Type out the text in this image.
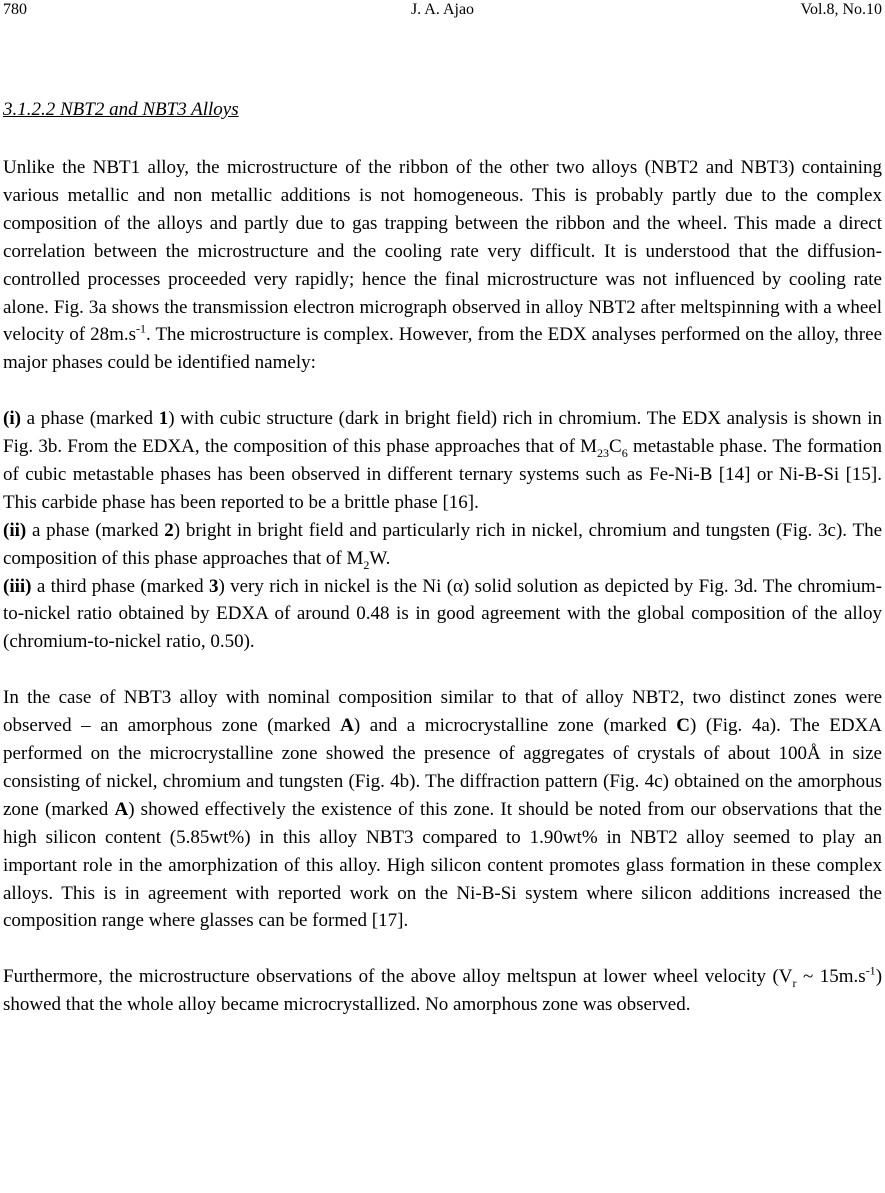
J. A. Ajao
780	Vol.8, No.10
3.1.2.2 NBT2 and NBT3 Alloys

Unlike the NBT1 alloy, the microstructure of the ribbon of the other two alloys (NBT2 and NBT3) containing various metallic and non metallic additions is not homogeneous. This is probably partly due to the complex composition of the alloys and partly due to gas trapping between the ribbon and the wheel. This made a direct correlation between the microstructure and the cooling rate very difficult. It is understood that the diffusion-controlled processes proceeded very rapidly; hence the final microstructure was not influenced by cooling rate alone. Fig. 3a shows the transmission electron micrograph observed in alloy NBT2 after meltspinning with a wheel velocity of $28m.s^{-1}$. The microstructure is complex. However, from the EDX analyses performed on the alloy, three major phases could be identified namely:

(i) a phase (marked 1) with cubic structure (dark in bright field) rich in chromium. The EDX analysis is shown in Fig. 3b. From the EDXA, the composition of this phase approaches that of $M_{23}C_6$ metastable phase. The formation of cubic metastable phases has been observed in different ternary systems such as Fe-Ni-B [14] or Ni-B-Si [15]. This carbide phase has been reported to be a brittle phase [16].

(ii) a phase (marked 2) bright in bright field and particularly rich in nickel, chromium and tungsten (Fig. 3c). The composition of this phase approaches that of $M_2W$.

(iii) a third phase (marked 3) very rich in nickel is the Ni (α) solid solution as depicted by Fig. 3d. The chromium-to-nickel ratio obtained by EDXA of around 0.48 is in good agreement with the global composition of the alloy (chromium-to-nickel ratio, 0.50).

In the case of NBT3 alloy with nominal composition similar to that of alloy NBT2, two distinct zones were observed – an amorphous zone (marked A) and a microcrystalline zone (marked C) (Fig. 4a). The EDXA performed on the microcrystalline zone showed the presence of aggregates of crystals of about 100Å in size consisting of nickel, chromium and tungsten (Fig. 4b). The diffraction pattern (Fig. 4c) obtained on the amorphous zone (marked A) showed effectively the existence of this zone. It should be noted from our observations that the high silicon content (5.85wt%) in this alloy NBT3 compared to 1.90wt% in NBT2 alloy seemed to play an important role in the amorphization of this alloy. High silicon content promotes glass formation in these complex alloys. This is in agreement with reported work on the Ni-B-Si system where silicon additions increased the composition range where glasses can be formed [17].

Furthermore, the microstructure observations of the above alloy meltspun at lower wheel velocity ($V_r$ ~ $15m.s^{-1}$) showed that the whole alloy became microcrystallized. No amorphous zone was observed.
